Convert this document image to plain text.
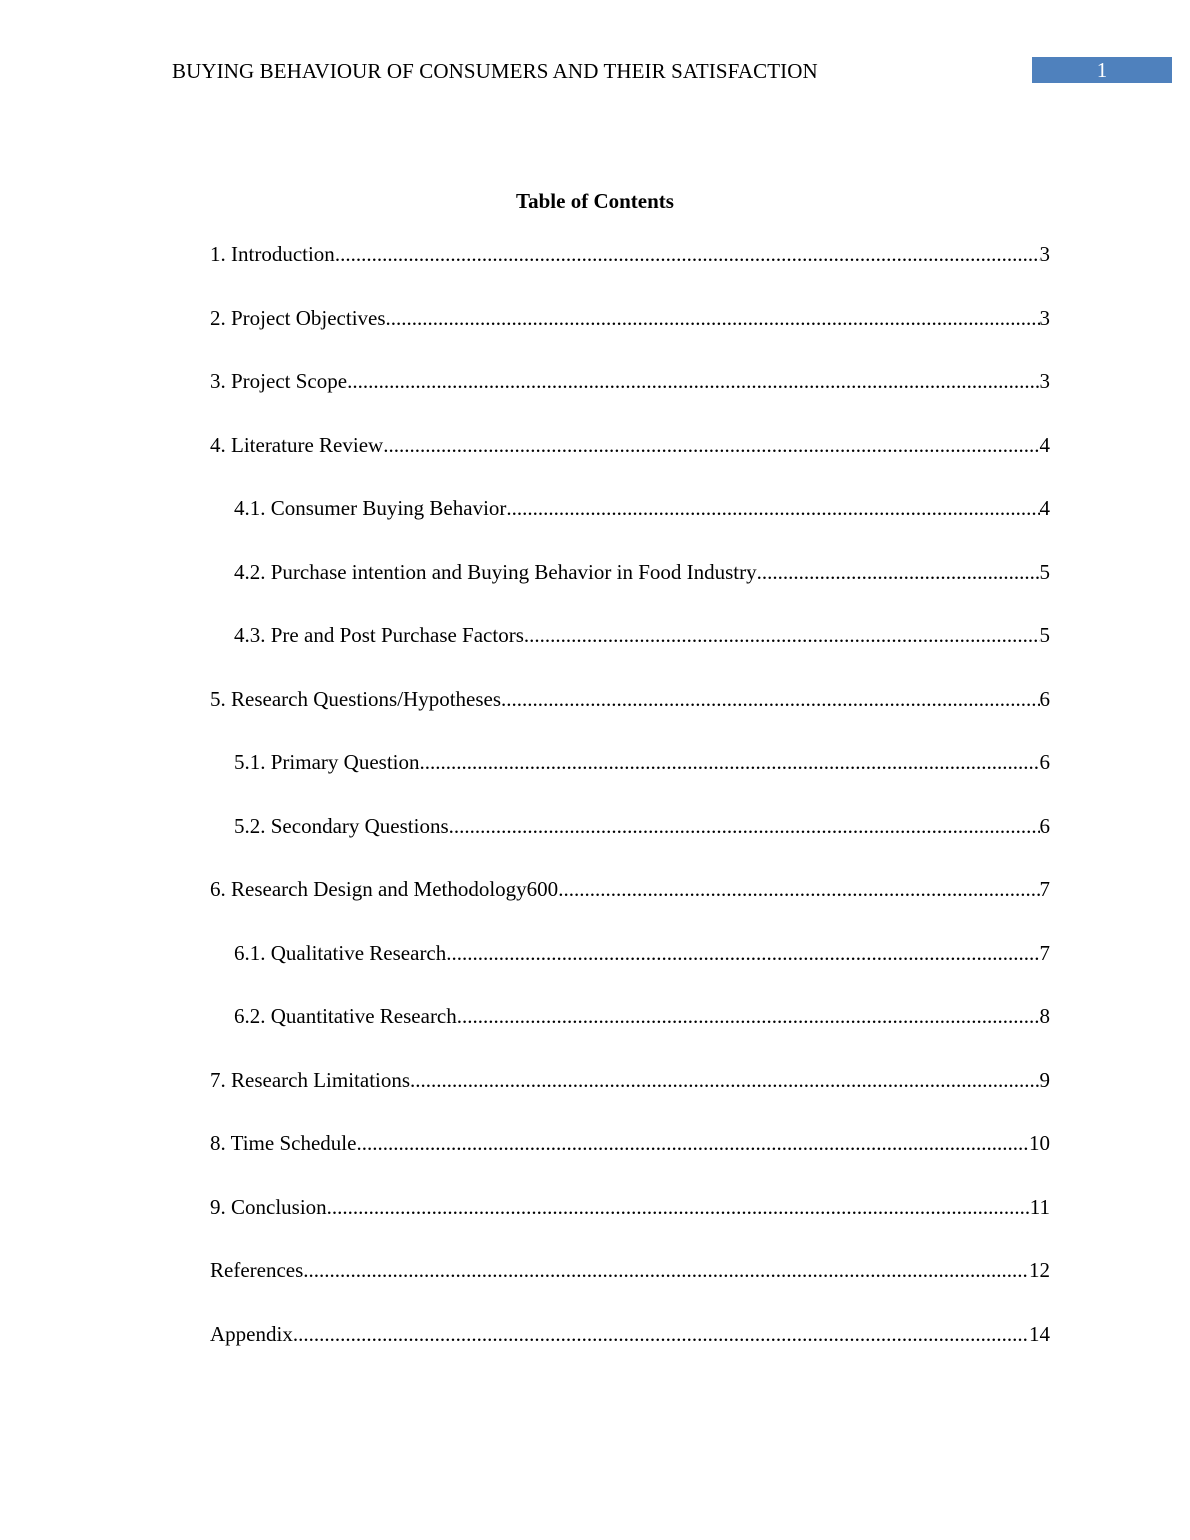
BUYING BEHAVIOUR OF CONSUMERS AND THEIR SATISFACTION	1
Table of Contents
1. Introduction .....	3
2. Project Objectives .....	3
3. Project Scope .....	3
4. Literature Review .....	4
4.1. Consumer Buying Behavior .....	4
4.2. Purchase intention and Buying Behavior in Food Industry .....	5
4.3. Pre and Post Purchase Factors .....	5
5. Research Questions/Hypotheses .....	6
5.1. Primary Question .....	6
5.2. Secondary Questions .....	6
6. Research Design and Methodology600 .....	7
6.1. Qualitative Research .....	7
6.2. Quantitative Research .....	8
7. Research Limitations .....	9
8. Time Schedule .....	10
9. Conclusion .....	11
References .....	12
Appendix .....	14
